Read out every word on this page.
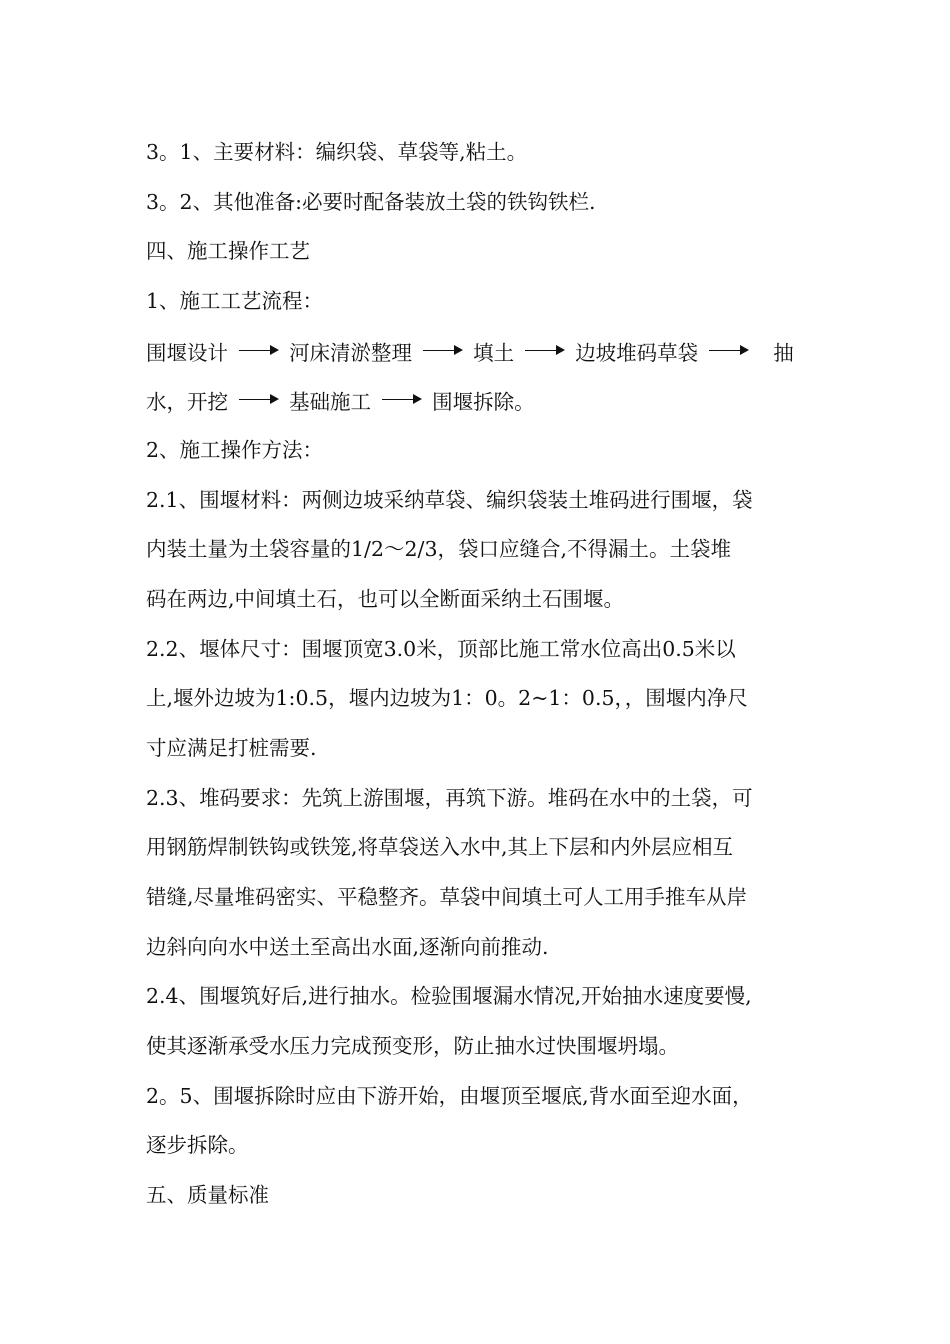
3。1、主要材料：编织袋、草袋等,粘土。
3。2、其他准备:必要时配备装放土袋的铁钩铁栏.
四、施工操作工艺
1、施工工艺流程：
围堰设计	河床清淤整理	填土	边坡堆码草袋	抽
水，开挖	基础施工	围堰拆除。
2、施工操作方法：
2.1、围堰材料：两侧边坡采纳草袋、编织袋装土堆码进行围堰，袋
内装土量为土袋容量的1/2～2/3，袋口应缝合,不得漏土。土袋堆
码在两边,中间填土石，也可以全断面采纳土石围堰。
2.2、堰体尺寸：围堰顶宽3.0米，顶部比施工常水位高出0.5米以
上,堰外边坡为1:0.5，堰内边坡为1：0。2~1：0.5，，围堰内净尺
寸应满足打桩需要.
2.3、堆码要求：先筑上游围堰，再筑下游。堆码在水中的土袋，可
用钢筋焊制铁钩或铁笼,将草袋送入水中,其上下层和内外层应相互
错缝,尽量堆码密实、平稳整齐。草袋中间填土可人工用手推车从岸
边斜向向水中送土至高出水面,逐渐向前推动.
2.4、围堰筑好后,进行抽水。检验围堰漏水情况,开始抽水速度要慢,
使其逐渐承受水压力完成预变形，防止抽水过快围堰坍塌。
2。5、围堰拆除时应由下游开始，由堰顶至堰底,背水面至迎水面，
逐步拆除。
五、质量标准
